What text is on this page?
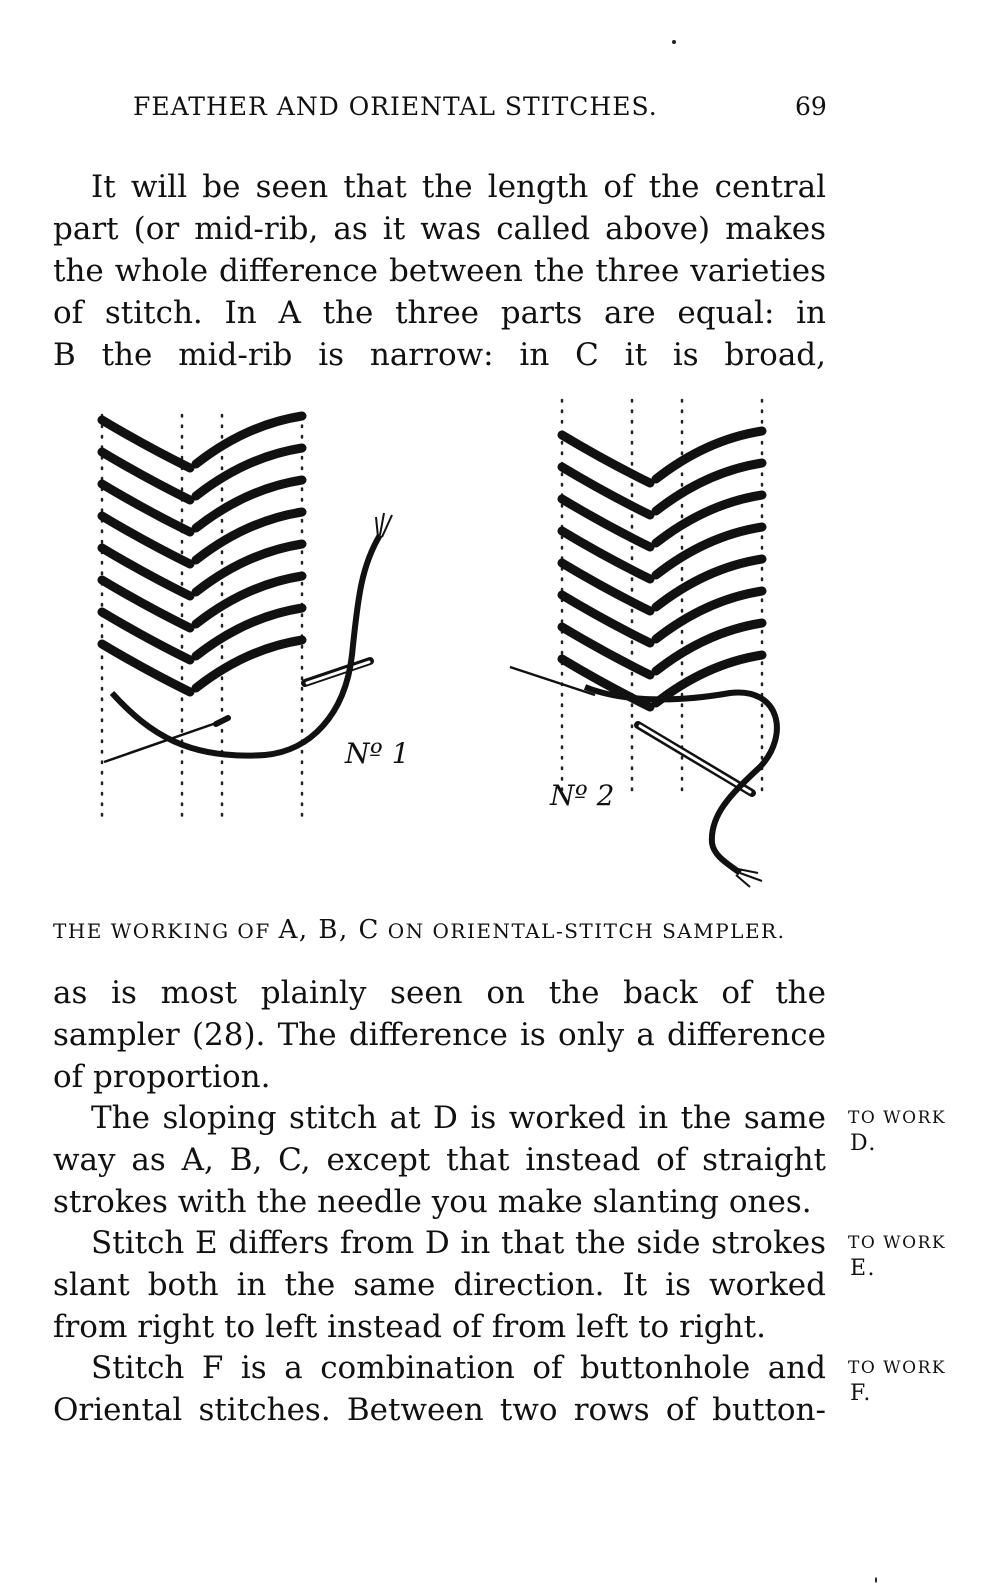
FEATHER AND ORIENTAL STITCHES.	69

It will be seen that the length of the central
part (or mid-rib, as it was called above) makes
the whole difference between the three varieties
of stitch. In A the three parts are equal: in
B the mid-rib is narrow: in C it is broad,

Nº 1
Nº 2
THE WORKING OF A, B, C ON ORIENTAL-STITCH SAMPLER.

as is most plainly seen on the back of the
sampler (28). The difference is only a difference
of proportion.

The sloping stitch at D is worked in the same
way as A, B, C, except that instead of straight
strokes with the needle you make slanting ones.

Stitch E differs from D in that the side strokes
slant both in the same direction. It is worked
from right to left instead of from left to right.

Stitch F is a combination of buttonhole and
Oriental stitches. Between two rows of button-

TO WORK
D.
TO WORK
E.
TO WORK
F.
